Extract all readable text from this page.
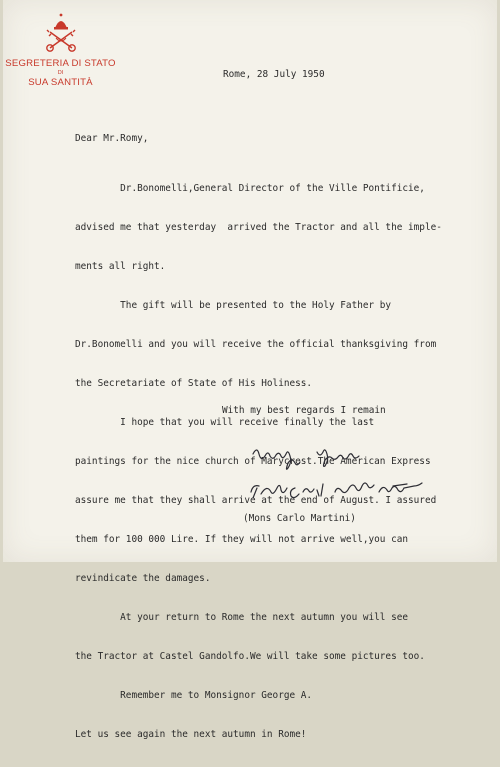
SEGRETERIA DI STATO
DI
SUA SANTITÀ
Rome, 28 July 1950
Dear Mr.Romy,

Dr.Bonomelli,General Director of the Ville Pontificie,

advised me that yesterday  arrived the Tractor and all the imple-

ments all right.

The gift will be presented to the Holy Father by

Dr.Bonomelli and you will receive the official thanksgiving from

the Secretariate of State of His Holiness.

I hope that you will receive finally the last

paintings for the nice church of Marycrest.The American Express

assure me that they shall arrive at the end of August. I assured

them for 100 000 Lire. If they will not arrive well,you can

revindicate the damages.

At your return to Rome the next autumn you will see

the Tractor at Castel Gandolfo.We will take some pictures too.

Remember me to Monsignor George A.

Let us see again the next autumn in Rome!

With my best regards I remain
(Mons Carlo Martini)
